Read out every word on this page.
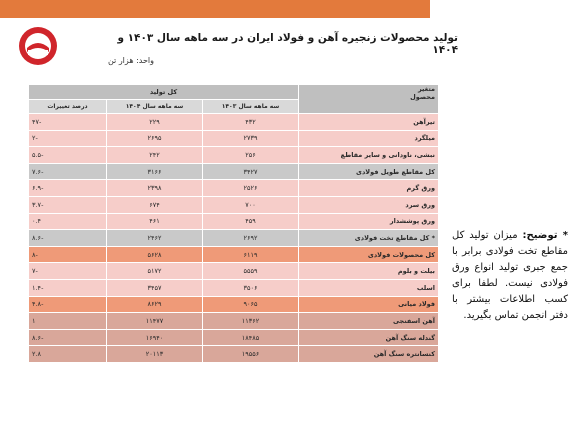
واحد: هزار تن
تولید محصولات زنجیره آهن و فولاد ایران در سه ماهه سال ۱۴۰۳ و ۱۴۰۴
متغیر
محصول	کل تولید		
	سه ماهه سال ۱۴۰۳	سه ماهه سال ۱۴۰۴	درصد تغییرات
تیرآهن	۴۳۲	۲۲۹	-۴۷
میلگرد	۲۷۳۹	۲۶۹۵	-۲
نبشی، ناودانی و سایر مقاطع	۲۵۶	۲۴۲	-۵.۵
کل مقاطع طویل فولادی	۳۴۲۷	۳۱۶۶	-۷.۶
ورق گرم	۲۵۲۶	۲۳۹۸	-۶.۹
ورق سرد	۷۰۰	۶۷۴	-۳.۷
ورق پوششدار	۴۵۹	۴۶۱	۰.۴
* کل مقاطع تخت فولادی	۲۶۹۲	۲۴۶۲	-۸.۶
کل محصولات فولادی	۶۱۱۹	۵۶۲۸	-۸
بیلت و بلوم	۵۵۵۹	۵۱۷۲	-۷
اسلب	۳۵۰۶	۳۴۵۷	-۱.۴
فولاد میانی	۹۰۶۵	۸۶۲۹	-۴.۸
آهن اسفنجی	۱۱۳۶۲	۱۱۴۷۷	۱
گندله سنگ آهن	۱۸۴۸۵	۱۶۹۴۰	-۸.۶
کنسانتره سنگ آهن	۱۹۵۵۶	۲۰۱۱۳	۲.۸
* توضیح: میزان تولید کل مقاطع تخت فولادی برابر با جمع جبری تولید انواع ورق فولادی نیست. لطفا برای کسب اطلاعات بیشتر با دفتر انجمن تماس بگیرید.
